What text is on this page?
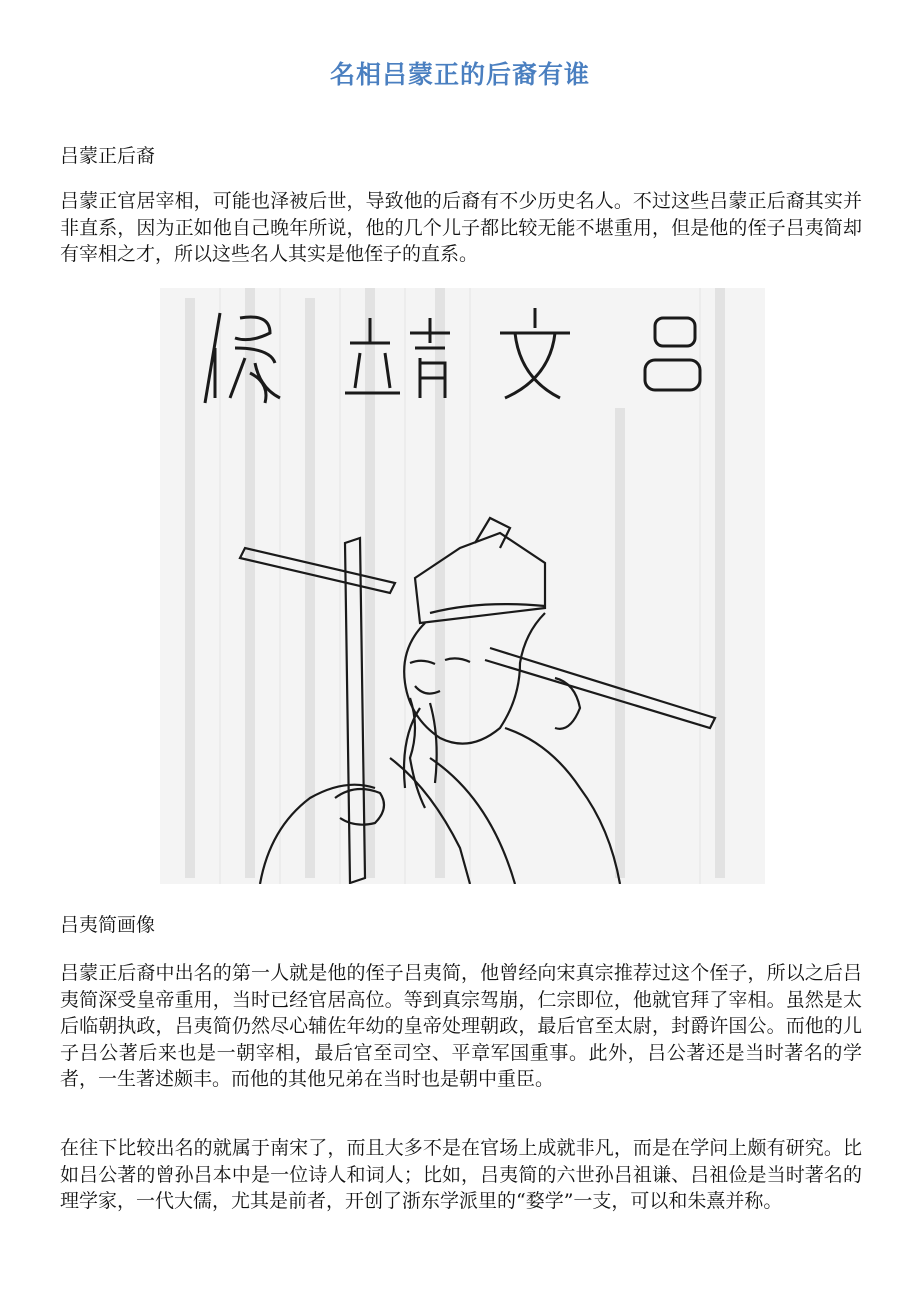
名相吕蒙正的后裔有谁
吕蒙正后裔
吕蒙正官居宰相，可能也泽被后世，导致他的后裔有不少历史名人。不过这些吕蒙正后裔其实并非直系，因为正如他自己晚年所说，他的几个儿子都比较无能不堪重用，但是他的侄子吕夷简却有宰相之才，所以这些名人其实是他侄子的直系。
吕夷简画像
吕蒙正后裔中出名的第一人就是他的侄子吕夷简，他曾经向宋真宗推荐过这个侄子，所以之后吕夷简深受皇帝重用，当时已经官居高位。等到真宗驾崩，仁宗即位，他就官拜了宰相。虽然是太后临朝执政，吕夷简仍然尽心辅佐年幼的皇帝处理朝政，最后官至太尉，封爵许国公。而他的儿子吕公著后来也是一朝宰相，最后官至司空、平章军国重事。此外，吕公著还是当时著名的学者，一生著述颇丰。而他的其他兄弟在当时也是朝中重臣。
在往下比较出名的就属于南宋了，而且大多不是在官场上成就非凡，而是在学问上颇有研究。比如吕公著的曾孙吕本中是一位诗人和词人；比如，吕夷简的六世孙吕祖谦、吕祖俭是当时著名的理学家，一代大儒，尤其是前者，开创了浙东学派里的“婺学”一支，可以和朱熹并称。
